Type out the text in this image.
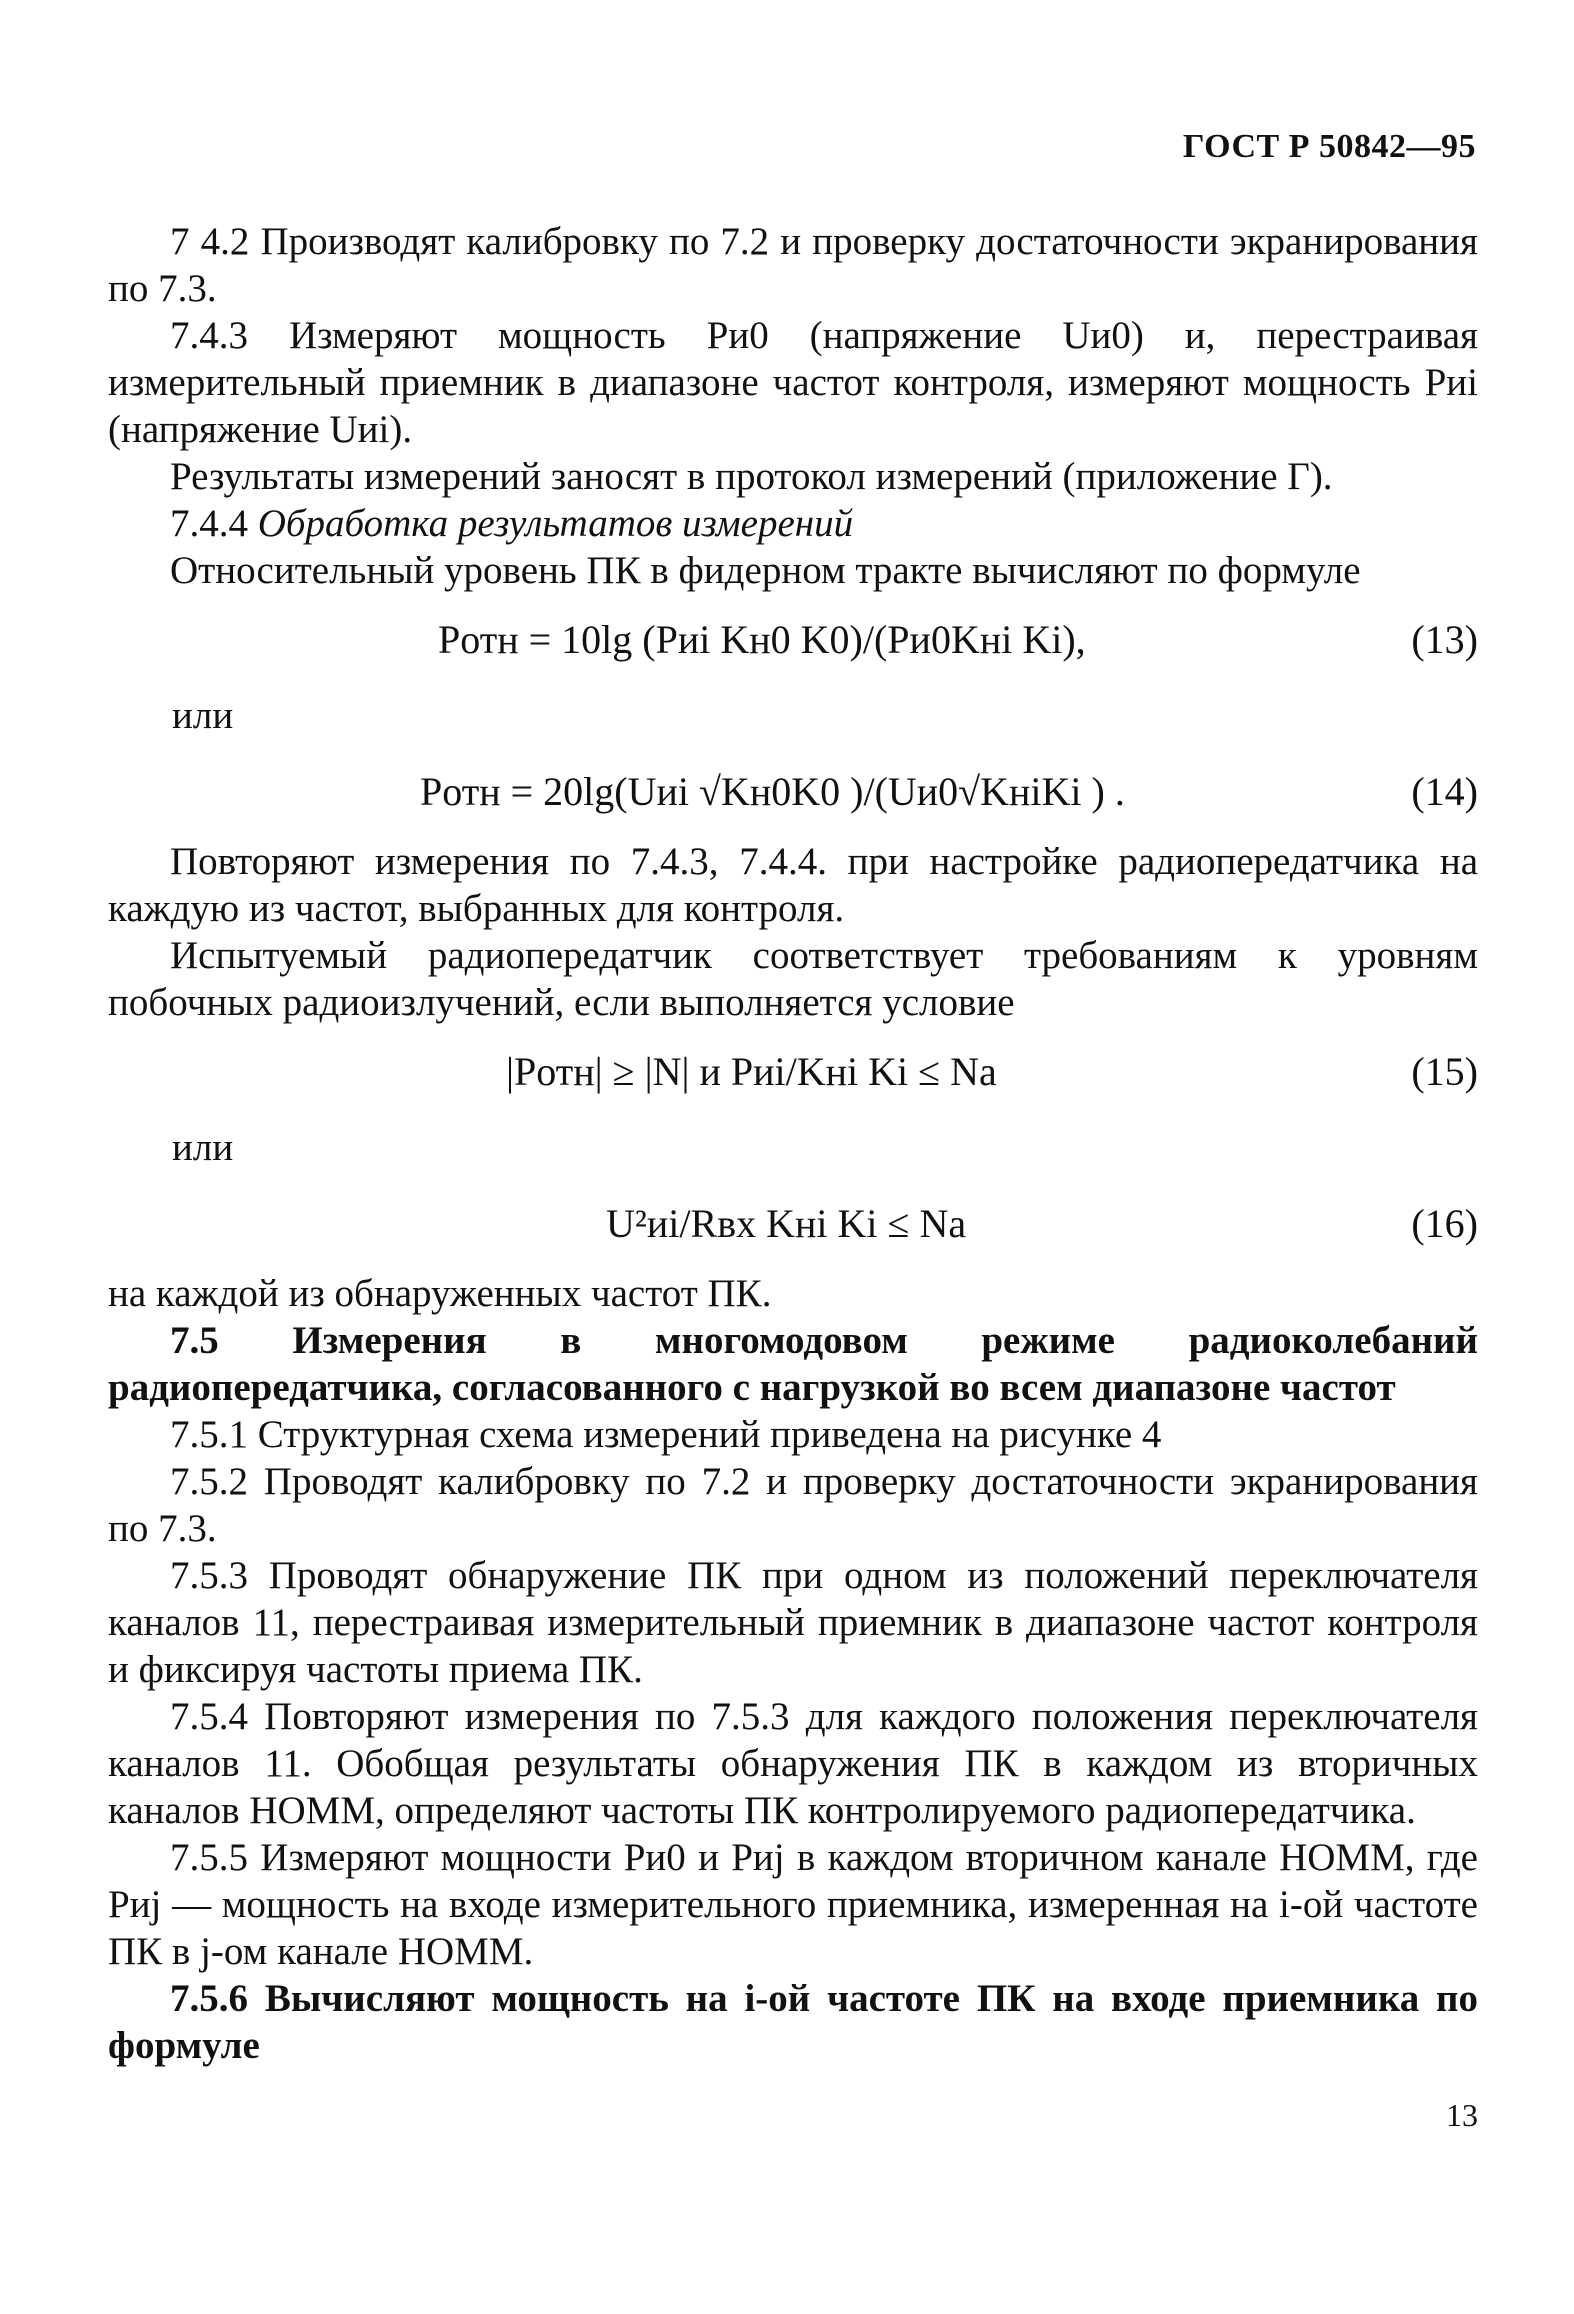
ГОСТ Р 50842—95

7 4.2 Производят калибровку по 7.2 и проверку достаточности экранирования по 7.3.

7.4.3 Измеряют мощность Pи0 (напряжение Uи0) и, перестраивая измерительный приемник в диапазоне частот контроля, измеряют мощность Pиi (напряжение Uиi).

Результаты измерений заносят в протокол измерений (приложение Г).

7.4.4 Обработка результатов измерений

Относительный уровень ПК в фидерном тракте вычисляют по формуле

Pотн = 10lg (Pиi Kн0 K0)/(Pи0Kнi Ki),	(13)
или
Pотн = 20lg(Uиi √Kн0K0 )/(Uи0√KнiKi ) .	(14)

Повторяют измерения по 7.4.3, 7.4.4. при настройке радиопередатчика на каждую из частот, выбранных для контроля.

Испытуемый радиопередатчик соответствует требованиям к уровням побочных радиоизлучений, если выполняется условие

|Pотн| ≥ |N| и Pиi/Kнi Ki ≤ Nа	(15)
или
U²иi/Rвх Kнi Ki ≤ Nа	(16)

на каждой из обнаруженных частот ПК.

7.5 Измерения в многомодовом режиме радиоколебаний радиопередатчика, согласованного с нагрузкой во всем диапазоне частот

7.5.1 Структурная схема измерений приведена на рисунке 4

7.5.2 Проводят калибровку по 7.2 и проверку достаточности экранирования по 7.3.

7.5.3 Проводят обнаружение ПК при одном из положений переключателя каналов 11, перестраивая измерительный приемник в диапазоне частот контроля и фиксируя частоты приема ПК.

7.5.4 Повторяют измерения по 7.5.3 для каждого положения переключателя каналов 11. Обобщая результаты обнаружения ПК в каждом из вторичных каналов НОММ, определяют частоты ПК контролируемого радиопередатчика.

7.5.5 Измеряют мощности Pи0 и Pиj в каждом вторичном канале НОММ, где Pиj — мощность на входе измерительного приемника, измеренная на i-ой частоте ПК в j-ом канале НОММ.

7.5.6 Вычисляют мощность на i-ой частоте ПК на входе приемника по формуле

13
